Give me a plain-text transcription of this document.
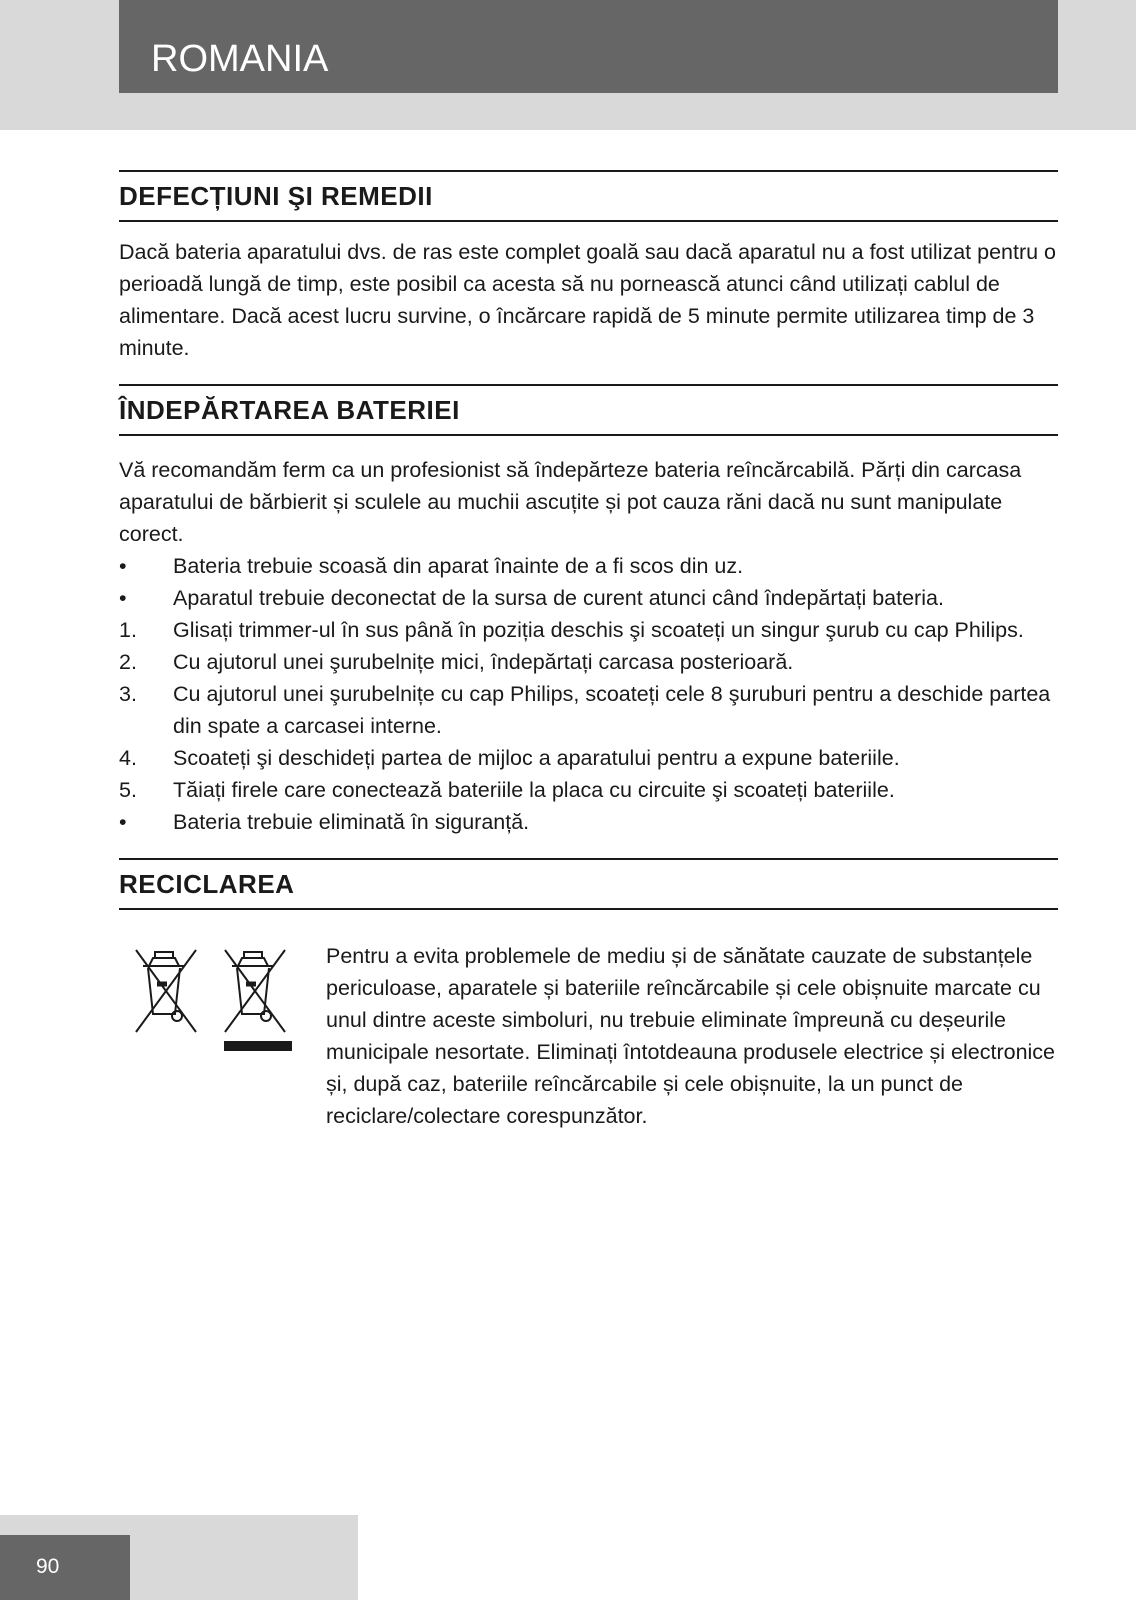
ROMANIA
DEFECȚIUNI ŞI REMEDII

Dacă bateria aparatului dvs. de ras este complet goală sau dacă aparatul nu a fost utilizat pentru o perioadă lungă de timp, este posibil ca acesta să nu pornească atunci când utilizați cablul de alimentare. Dacă acest lucru survine, o încărcare rapidă de 5 minute permite utilizarea timp de 3 minute.

ÎNDEPĂRTAREA BATERIEI

Vă recomandăm ferm ca un profesionist să îndepărteze bateria reîncărcabilă. Părți din carcasa aparatului de bărbierit și sculele au muchii ascuțite și pot cauza răni dacă nu sunt manipulate corect.

•	Bateria trebuie scoasă din aparat înainte de a fi scos din uz.
•	Aparatul trebuie deconectat de la sursa de curent atunci când îndepărtați bateria.
1.	Glisați trimmer-ul în sus până în poziția deschis şi scoateți un singur şurub cu cap Philips.
2.	Cu ajutorul unei şurubelnițe mici, îndepărtați carcasa posterioară.
3.	Cu ajutorul unei şurubelnițe cu cap Philips, scoateți cele 8 şuruburi pentru a deschide partea din spate a carcasei interne.
4.	Scoateți şi deschideți partea de mijloc a aparatului pentru a expune bateriile.
5.	Tăiați firele care conectează bateriile la placa cu circuite şi scoateți bateriile.
•	Bateria trebuie eliminată în siguranță.
RECICLAREA

Pentru a evita problemele de mediu și de sănătate cauzate de substanțele periculoase, aparatele și bateriile reîncărcabile și cele obișnuite marcate cu unul dintre aceste simboluri, nu trebuie eliminate împreună cu deșeurile municipale nesortate. Eliminați întotdeauna produsele electrice și electronice și, după caz, bateriile reîncărcabile și cele obișnuite, la un punct de reciclare/colectare corespunzător.

90
